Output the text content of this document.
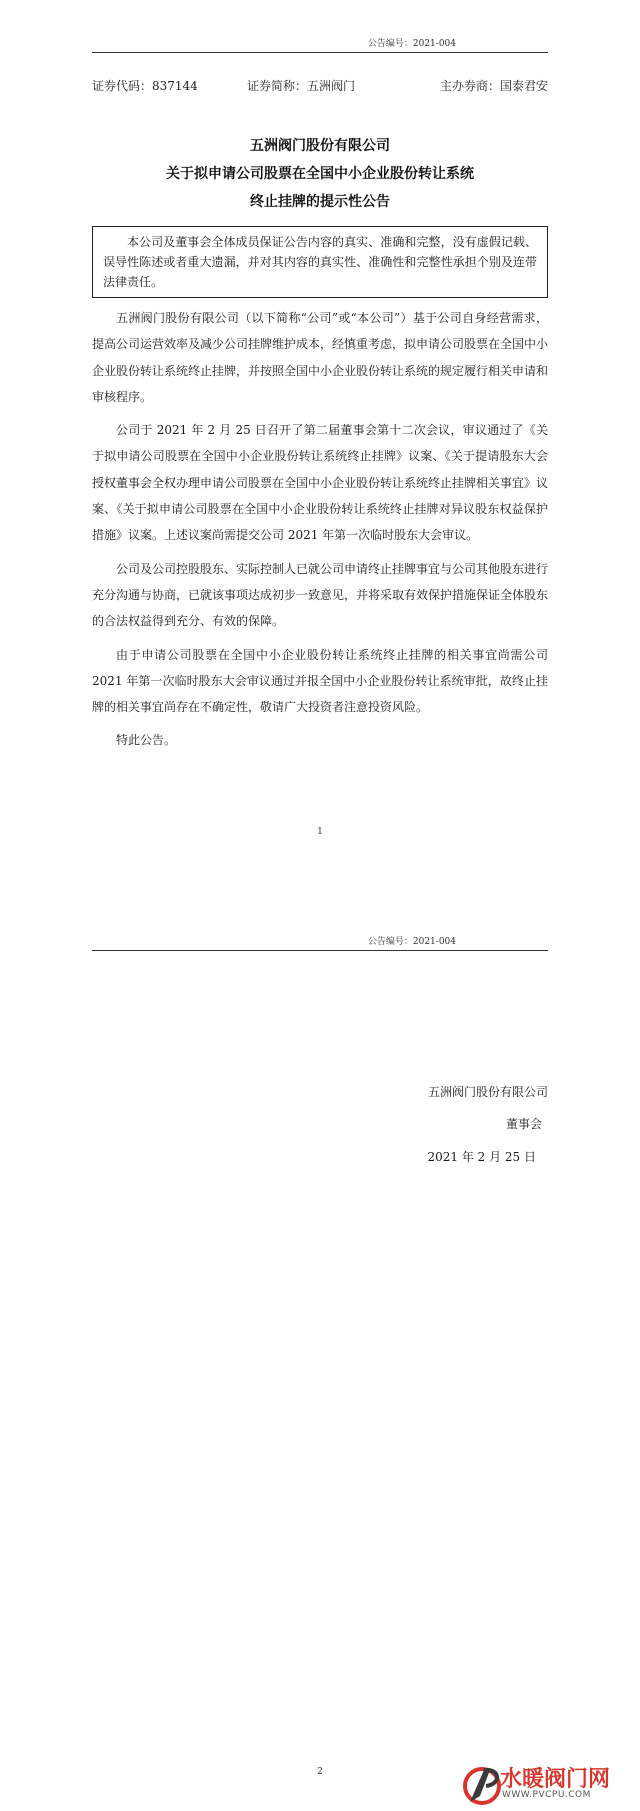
公告编号：2021-004
证券代码：837144	证券简称：五洲阀门	主办券商：国泰君安
五洲阀门股份有限公司
关于拟申请公司股票在全国中小企业股份转让系统
终止挂牌的提示性公告
本公司及董事会全体成员保证公告内容的真实、准确和完整，没有虚假记载、误导性陈述或者重大遗漏，并对其内容的真实性、准确性和完整性承担个别及连带法律责任。

五洲阀门股份有限公司（以下简称“公司”或“本公司”）基于公司自身经营需求，提高公司运营效率及减少公司挂牌维护成本，经慎重考虑，拟申请公司股票在全国中小企业股份转让系统终止挂牌，并按照全国中小企业股份转让系统的规定履行相关申请和审核程序。

公司于 2021 年 2 月 25 日召开了第二届董事会第十二次会议，审议通过了《关于拟申请公司股票在全国中小企业股份转让系统终止挂牌》议案、《关于提请股东大会授权董事会全权办理申请公司股票在全国中小企业股份转让系统终止挂牌相关事宜》议案、《关于拟申请公司股票在全国中小企业股份转让系统终止挂牌对异议股东权益保护措施》议案。上述议案尚需提交公司 2021 年第一次临时股东大会审议。

公司及公司控股股东、实际控制人已就公司申请终止挂牌事宜与公司其他股东进行充分沟通与协商，已就该事项达成初步一致意见，并将采取有效保护措施保证全体股东的合法权益得到充分、有效的保障。

由于申请公司股票在全国中小企业股份转让系统终止挂牌的相关事宜尚需公司 2021 年第一次临时股东大会审议通过并报全国中小企业股份转让系统审批，故终止挂牌的相关事宜尚存在不确定性，敬请广大投资者注意投资风险。

特此公告。

1
公告编号：2021-004
五洲阀门股份有限公司
董事会
2021 年 2 月 25 日
2	水暖阀门网
WWW.PVCPU.COM
